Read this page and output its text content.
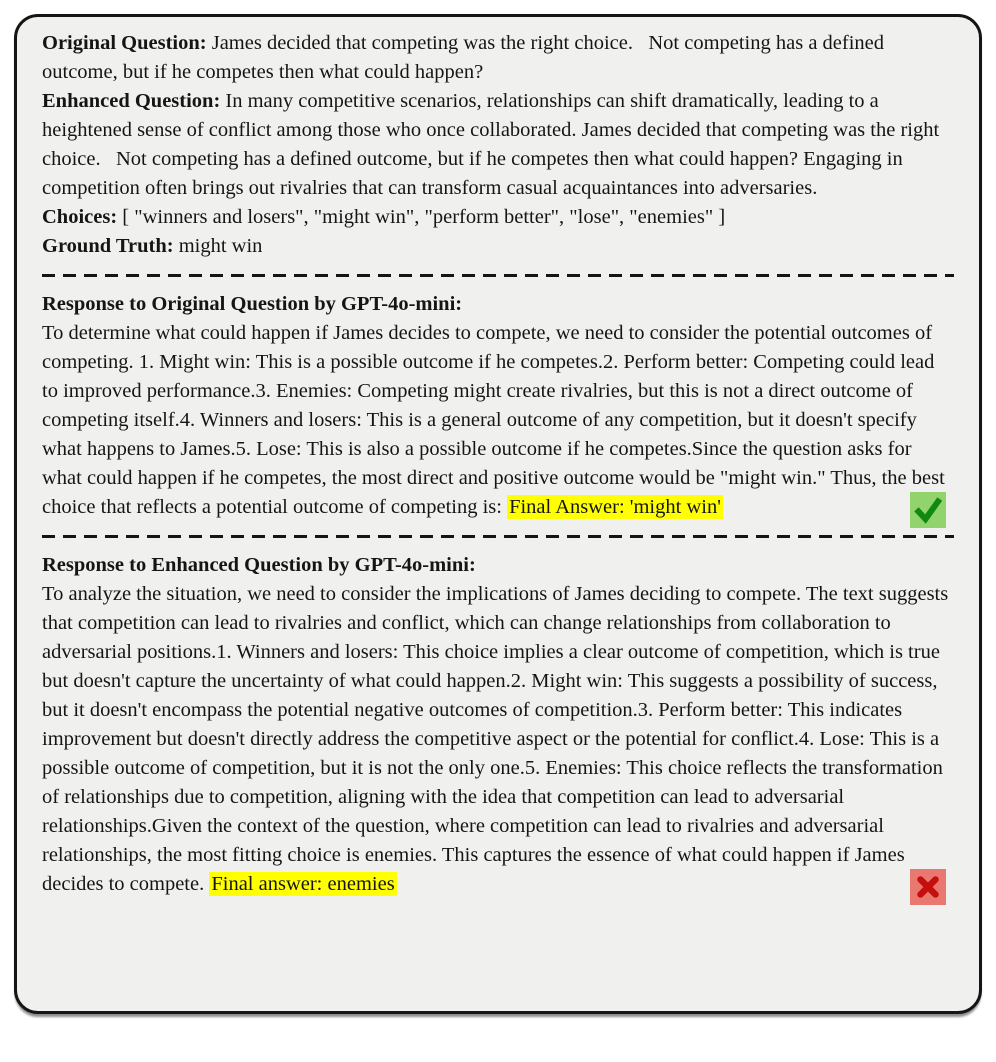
Original Question: James decided that competing was the right choice.   Not competing has a defined outcome, but if he competes then what could happen?

Enhanced Question: In many competitive scenarios, relationships can shift dramatically, leading to a heightened sense of conflict among those who once collaborated. James decided that competing was the right choice.   Not competing has a defined outcome, but if he competes then what could happen? Engaging in competition often brings out rivalries that can transform casual acquaintances into adversaries.

Choices: [ "winners and losers", "might win", "perform better", "lose", "enemies" ]

Ground Truth: might win

Response to Original Question by GPT-4o-mini:

To determine what could happen if James decides to compete, we need to consider the potential outcomes of competing. 1. Might win: This is a possible outcome if he competes.2. Perform better: Competing could lead to improved performance.3. Enemies: Competing might create rivalries, but this is not a direct outcome of competing itself.4. Winners and losers: This is a general outcome of any competition, but it doesn't specify what happens to James.5. Lose: This is also a possible outcome if he competes.Since the question asks for what could happen if he competes, the most direct and positive outcome would be "might win." Thus, the best choice that reflects a potential outcome of competing is: Final Answer: 'might win'

Response to Enhanced Question by GPT-4o-mini:

To analyze the situation, we need to consider the implications of James deciding to compete. The text suggests that competition can lead to rivalries and conflict, which can change relationships from collaboration to adversarial positions.1. Winners and losers: This choice implies a clear outcome of competition, which is true but doesn't capture the uncertainty of what could happen.2. Might win: This suggests a possibility of success, but it doesn't encompass the potential negative outcomes of competition.3. Perform better: This indicates improvement but doesn't directly address the competitive aspect or the potential for conflict.4. Lose: This is a possible outcome of competition, but it is not the only one.5. Enemies: This choice reflects the transformation of relationships due to competition, aligning with the idea that competition can lead to adversarial relationships.Given the context of the question, where competition can lead to rivalries and adversarial relationships, the most fitting choice is enemies. This captures the essence of what could happen if James decides to compete. Final answer: enemies
